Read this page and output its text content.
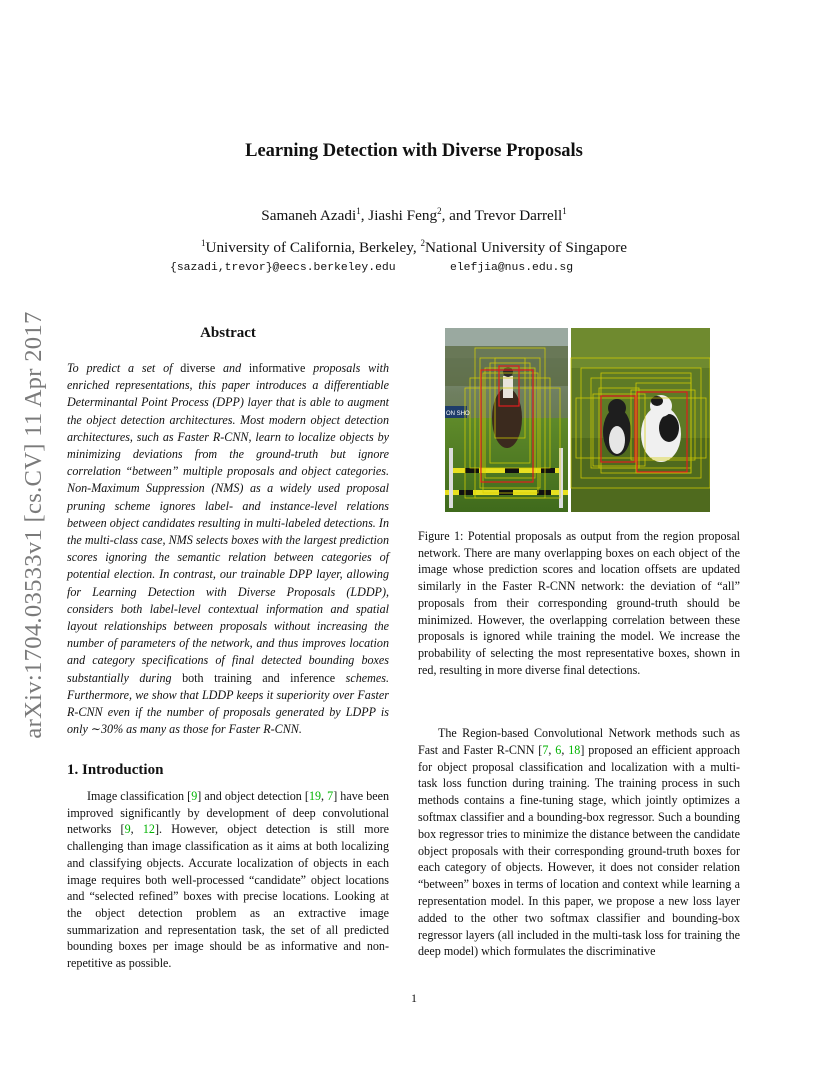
Learning Detection with Diverse Proposals
Samaneh Azadi$^1$, Jiashi Feng$^2$, and Trevor Darrell$^1$
$^1$University of California, Berkeley, $^2$National University of Singapore
{sazadi,trevor}@eecs.berkeley.edu	elefjia@nus.edu.sg
arXiv:1704.03533v1 [cs.CV] 11 Apr 2017	Abstract
To predict a set of diverse and informative proposals with enriched representations, this paper introduces a differentiable Determinantal Point Process (DPP) layer that is able to augment the object detection architectures. Most modern object detection architectures, such as Faster R-CNN, learn to localize objects by minimizing deviations from the ground-truth but ignore correlation “between” multiple proposals and object categories. Non-Maximum Suppression (NMS) as a widely used proposal pruning scheme ignores label- and instance-level relations between object candidates resulting in multi-labeled detections. In the multi-class case, NMS selects boxes with the largest prediction scores ignoring the semantic relation between categories of potential election. In contrast, our trainable DPP layer, allowing for Learning Detection with Diverse Proposals (LDDP), considers both label-level contextual information and spatial layout relationships between proposals without increasing the number of parameters of the network, and thus improves location and category specifications of final detected bounding boxes substantially during both training and inference schemes. Furthermore, we show that LDDP keeps it superiority over Faster R-CNN even if the number of proposals generated by LDPP is only ∼30% as many as those for Faster R-CNN.
1. Introduction
Image classification [9] and object detection [19, 7] have been improved significantly by development of deep convolutional networks [9, 12]. However, object detection is still more challenging than image classification as it aims at both localizing and classifying objects. Accurate localization of objects in each image requires both well-processed “candidate” object locations and “selected refined” boxes with precise locations. Looking at the object detection problem as an extractive image summarization and representation task, the set of all predicted bounding boxes per image should be as informative and non-repetitive as possible.
ON SHO
Figure 1: Potential proposals as output from the region proposal network. There are many overlapping boxes on each object of the image whose prediction scores and location offsets are updated similarly in the Faster R-CNN network: the deviation of “all” proposals from their corresponding ground-truth should be minimized. However, the overlapping correlation between these proposals is ignored while training the model. We increase the probability of selecting the most representative boxes, shown in red, resulting in more diverse final detections.
The Region-based Convolutional Network methods such as Fast and Faster R-CNN [7, 6, 18] proposed an efficient approach for object proposal classification and localization with a multi-task loss function during training. The training process in such methods contains a fine-tuning stage, which jointly optimizes a softmax classifier and a bounding-box regressor. Such a bounding box regressor tries to minimize the distance between the candidate object proposals with their corresponding ground-truth boxes for each category of objects. However, it does not consider relation “between” boxes in terms of location and context while learning a representation model. In this paper, we propose a new loss layer added to the other two softmax classifier and bounding-box regressor layers (all included in the multi-task loss for training the deep model) which formulates the discriminative
1
